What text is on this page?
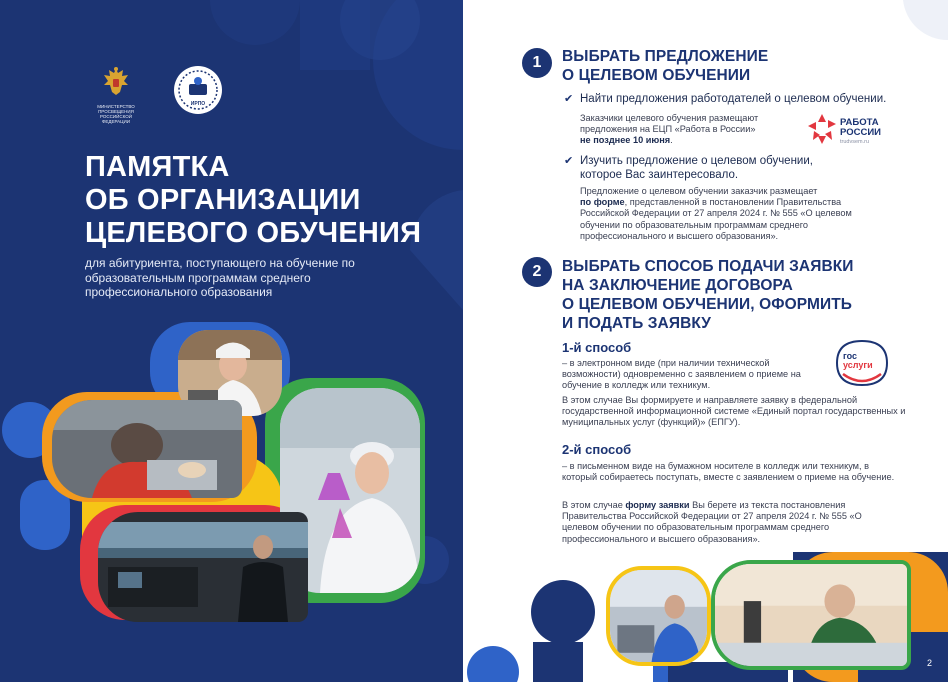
МИНИСТЕРСТВО ПРОСВЕЩЕНИЯ
РОССИЙСКОЙ ФЕДЕРАЦИИ
ИРПО
ПАМЯТКА
ОБ ОРГАНИЗАЦИИ
ЦЕЛЕВОГО ОБУЧЕНИЯ
для абитуриента, поступающего на обучение по образовательным программам среднего профессионального образования
1	ВЫБРАТЬ ПРЕДЛОЖЕНИЕ
О ЦЕЛЕВОМ ОБУЧЕНИИ
✔ Найти предложения работодателей о целевом обучении.
Заказчики целевого обучения размещают
предложения на ЕЦП «Работа в России»
не позднее 10 июня.
РАБОТА
РОССИИ
trudvsem.ru
✔ Изучить предложение о целевом обучении,
которое Вас заинтересовало.
Предложение о целевом обучении заказчик размещает
по форме, представленной в постановлении Правительства Российской Федерации от 27 апреля 2024 г. № 555 «О целевом обучении по образовательным программам среднего профессионального и высшего образования».
2	ВЫБРАТЬ СПОСОБ ПОДАЧИ ЗАЯВКИ
НА ЗАКЛЮЧЕНИЕ ДОГОВОРА
О ЦЕЛЕВОМ ОБУЧЕНИИ, ОФОРМИТЬ
И ПОДАТЬ ЗАЯВКУ
1-й способ
– в электронном виде (при наличии технической возможности) одновременно с заявлением о приеме на обучение в колледж или техникум.
В этом случае Вы формируете и направляете заявку в федеральной государственной информационной системе «Единый портал государственных и муниципальных услуг (функций)» (ЕПГУ).
гос
услуги
2-й способ
– в письменном виде на бумажном носителе в колледж или техникум, в который собираетесь поступать, вместе с заявлением о приеме на обучение.
В этом случае форму заявки Вы берете из текста постановления Правительства Российской Федерации от 27 апреля 2024 г. № 555 «О целевом обучении по образовательным программам среднего профессионального и высшего образования».
2
